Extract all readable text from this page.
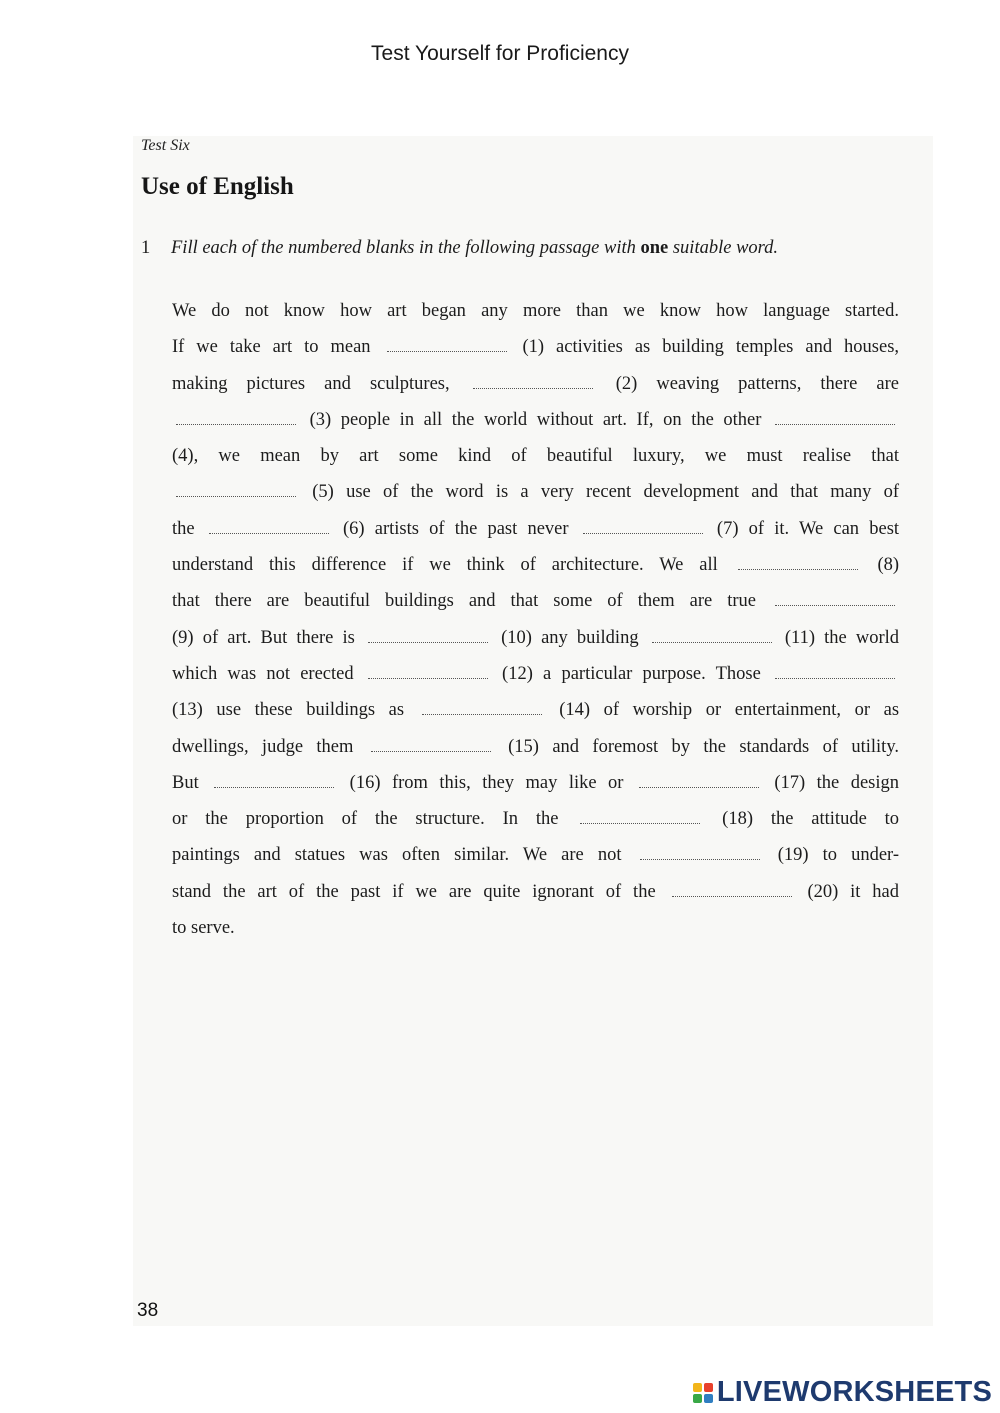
Test Yourself for Proficiency
Test Six
Use of English
1 Fill each of the numbered blanks in the following passage with one suitable word.
We do not know how art began any more than we know how language started.
If we take art to mean	(1) activities as building temples and houses,
making pictures and sculptures,	(2) weaving patterns, there are
(3) people in all the world without art. If, on the other
(4), we mean by art some kind of beautiful luxury, we must realise that
(5) use of the word is a very recent development and that many of
the	(6) artists of the past never	(7) of it. We can best
understand this difference if we think of architecture. We all	(8)
that there are beautiful buildings and that some of them are true
(9) of art. But there is	(10) any building	(11) the world
which was not erected	(12) a particular purpose. Those
(13) use these buildings as	(14) of worship or entertainment, or as
dwellings, judge them	(15) and foremost by the standards of utility.
But	(16) from this, they may like or	(17) the design
or the proportion of the structure. In the	(18) the attitude to
paintings and statues was often similar. We are not	(19) to under-
stand the art of the past if we are quite ignorant of the	(20) it had
to serve.
38
LIVEWORKSHEETS
